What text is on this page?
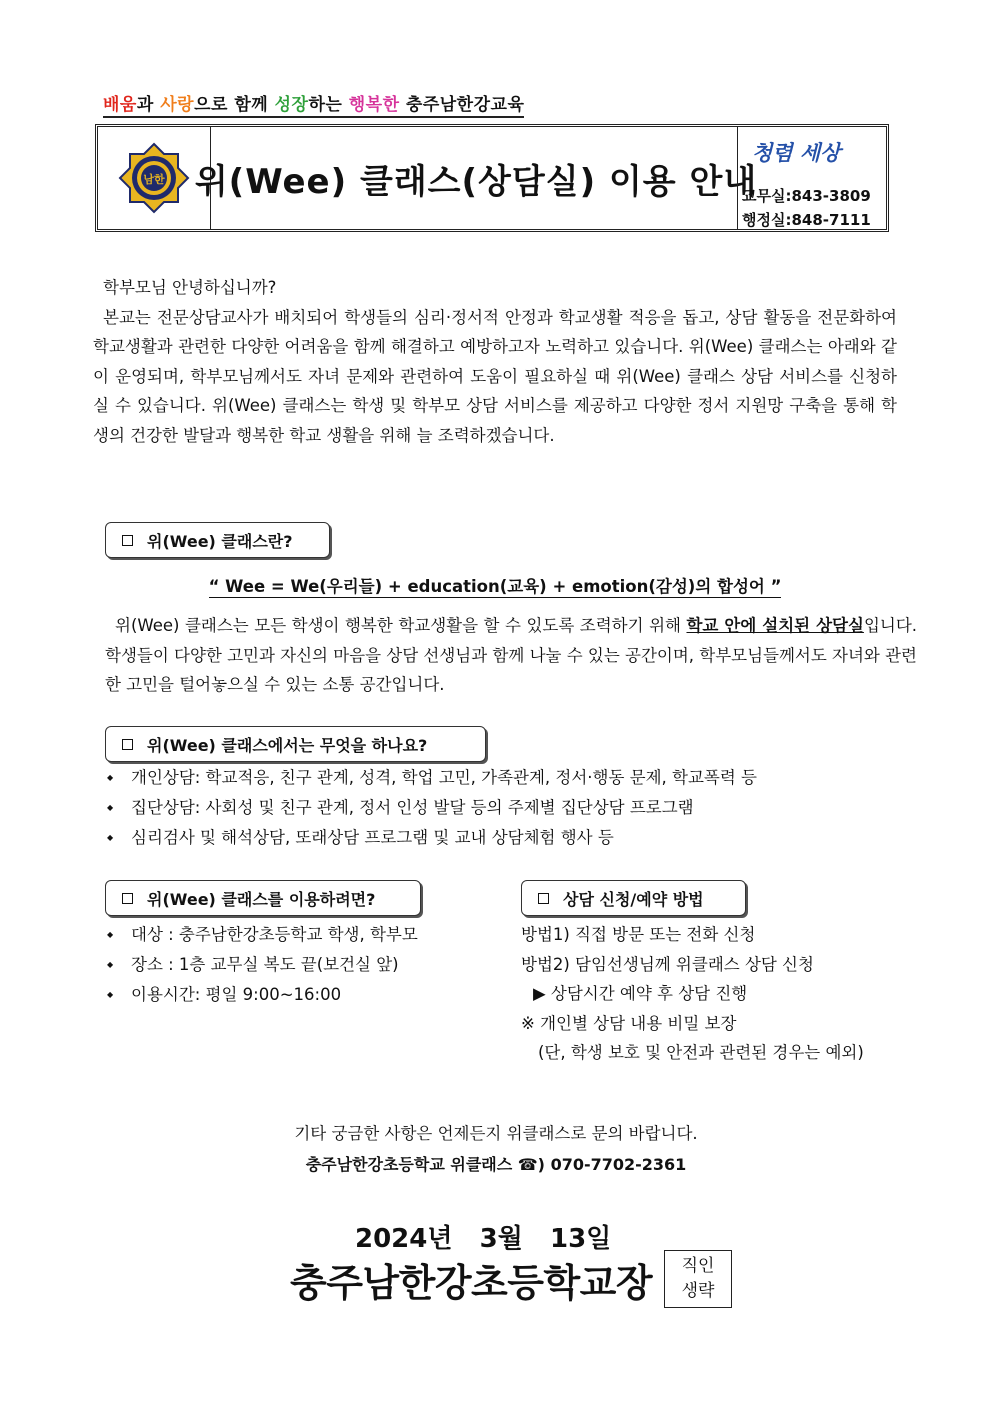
배움과 사랑으로 함께 성장하는 행복한 충주남한강교육
남한 위(Wee) 클래스(상담실) 이용 안내
청렴 세상
교무실:843-3809
행정실:848-7111

학부모님 안녕하십니까?

본교는 전문상담교사가 배치되어 학생들의 심리·정서적 안정과 학교생활 적응을 돕고, 상담 활동을 전문화하여 학교생활과 관련한 다양한 어려움을 함께 해결하고 예방하고자 노력하고 있습니다. 위(Wee) 클래스는 아래와 같이 운영되며, 학부모님께서도 자녀 문제와 관련하여 도움이 필요하실 때 위(Wee) 클래스 상담 서비스를 신청하실 수 있습니다. 위(Wee) 클래스는 학생 및 학부모 상담 서비스를 제공하고 다양한 정서 지원망 구축을 통해 학생의 건강한 발달과 행복한 학교 생활을 위해 늘 조력하겠습니다.

위(Wee) 클래스란?
“ Wee = We(우리들) + education(교육) + emotion(감성)의 합성어 ”

위(Wee) 클래스는 모든 학생이 행복한 학교생활을 할 수 있도록 조력하기 위해 학교 안에 설치된 상담실입니다. 학생들이 다양한 고민과 자신의 마음을 상담 선생님과 함께 나눌 수 있는 공간이며, 학부모님들께서도 자녀와 관련한 고민을 털어놓으실 수 있는 소통 공간입니다.

위(Wee) 클래스에서는 무엇을 하나요?
◆ 개인상담: 학교적응, 친구 관계, 성격, 학업 고민, 가족관계, 정서·행동 문제, 학교폭력 등
◆ 집단상담: 사회성 및 친구 관계, 정서 인성 발달 등의 주제별 집단상담 프로그램
◆ 심리검사 및 해석상담, 또래상담 프로그램 및 교내 상담체험 행사 등
위(Wee) 클래스를 이용하려면?
◆ 대상 : 충주남한강초등학교 학생, 학부모
◆ 장소 : 1층 교무실 복도 끝(보건실 앞)
◆ 이용시간: 평일 9:00~16:00
상담 신청/예약 방법
방법1) 직접 방문 또는 전화 신청
방법2) 담임선생님께 위클래스 상담 신청
▶ 상담시간 예약 후 상담 진행
※ 개인별 상담 내용 비밀 보장
(단, 학생 보호 및 안전과 관련된 경우는 예외)
기타 궁금한 사항은 언제든지 위클래스로 문의 바랍니다.
충주남한강초등학교 위클래스 ☎) 070-7702-2361
2024년   3월   13일
충주남한강초등학교장	직인
생략
